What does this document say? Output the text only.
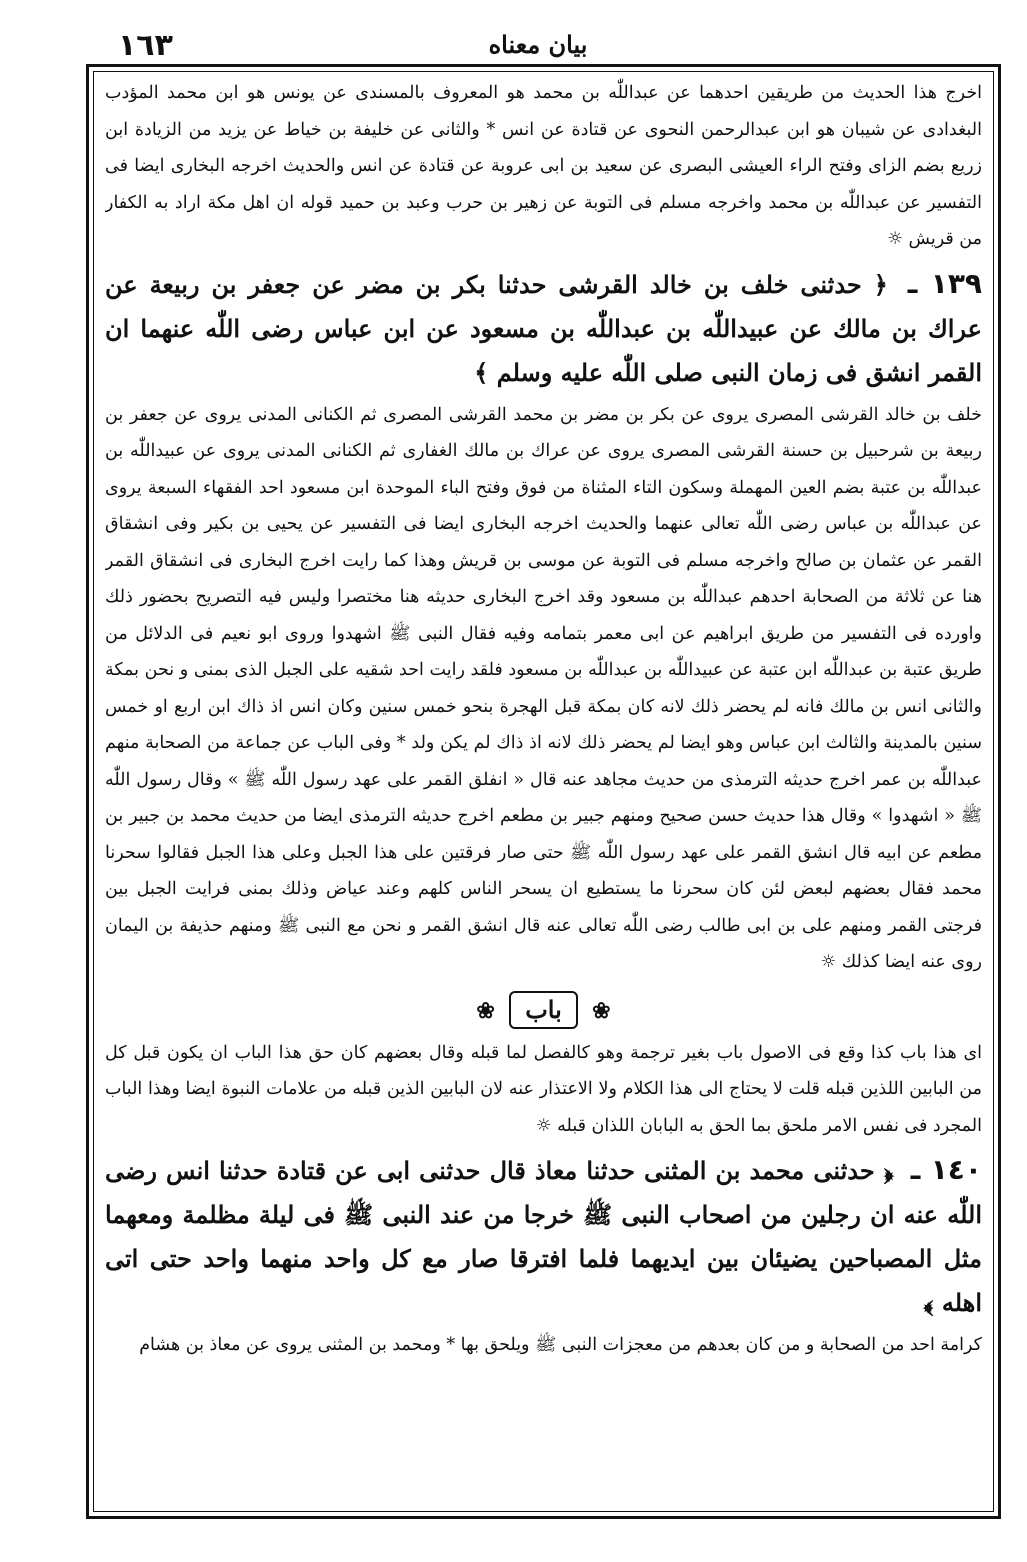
١٦٣	بیان معناه

اخرج هذا الحديث من طريقين احدهما عن عبداللّٰه بن محمد هو المعروف بالمسندى عن يونس هو ابن محمد المؤدب البغدادى عن شيبان هو ابن عبدالرحمن النحوى عن قتادة عن انس * والثانى عن خليفة بن خياط عن يزيد من الزيادة ابن زريع بضم الزاى وفتح الراء العيشى البصرى عن سعيد بن ابى عروبة عن قتادة عن انس والحديث اخرجه البخارى ايضا فى التفسير عن عبداللّٰه بن محمد واخرجه مسلم فى التوبة عن زهير بن حرب وعبد بن حميد قوله ان اهل مكة اراد به الكفار من قريش ☼

١٣٩ ـ ﴿ حدثنى خلف بن خالد القرشى حدثنا بكر بن مضر عن جعفر بن ربيعة عن عراك بن مالك عن عبيداللّٰه بن عبداللّٰه بن مسعود عن ابن عباس رضى اللّٰه عنهما ان القمر انشق فى زمان النبى صلى اللّٰه عليه وسلم ﴾

خلف بن خالد القرشى المصرى يروى عن بكر بن مضر بن محمد القرشى المصرى ثم الكنانى المدنى يروى عن جعفر بن ربيعة بن شرحبيل بن حسنة القرشى المصرى يروى عن عراك بن مالك الغفارى ثم الكنانى المدنى يروى عن عبيداللّٰه بن عبداللّٰه بن عتبة بضم العين المهملة وسكون التاء المثناة من فوق وفتح الباء الموحدة ابن مسعود احد الفقهاء السبعة يروى عن عبداللّٰه بن عباس رضى اللّٰه تعالى عنهما والحديث اخرجه البخارى ايضا فى التفسير عن يحيى بن بكير وفى انشقاق القمر عن عثمان بن صالح واخرجه مسلم فى التوبة عن موسى بن قريش وهذا كما رايت اخرج البخارى فى انشقاق القمر هنا عن ثلاثة من الصحابة احدهم عبداللّٰه بن مسعود وقد اخرج البخارى حديثه هنا مختصرا وليس فيه التصريح بحضور ذلك واورده فى التفسير من طريق ابراهيم عن ابى معمر بتمامه وفيه فقال النبى ﷺ اشهدوا وروى ابو نعيم فى الدلائل من طريق عتبة بن عبداللّٰه ابن عتبة عن عبيداللّٰه بن عبداللّٰه بن مسعود فلقد رايت احد شقيه على الجبل الذى بمنى و نحن بمكة والثانى انس بن مالك فانه لم يحضر ذلك لانه كان بمكة قبل الهجرة بنحو خمس سنين وكان انس اذ ذاك ابن اربع او خمس سنين بالمدينة والثالث ابن عباس وهو ايضا لم يحضر ذلك لانه اذ ذاك لم يكن ولد * وفى الباب عن جماعة من الصحابة منهم عبداللّٰه بن عمر اخرج حديثه الترمذى من حديث مجاهد عنه قال « انفلق القمر على عهد رسول اللّٰه ﷺ » وقال رسول اللّٰه ﷺ « اشهدوا » وقال هذا حديث حسن صحيح ومنهم جبير بن مطعم اخرج حديثه الترمذى ايضا من حديث محمد بن جبير بن مطعم عن ابيه قال انشق القمر على عهد رسول اللّٰه ﷺ حتى صار فرقتين على هذا الجبل وعلى هذا الجبل فقالوا سحرنا محمد فقال بعضهم لبعض لئن كان سحرنا ما يستطيع ان يسحر الناس كلهم وعند عياض وذلك بمنى فرايت الجبل بين فرجتى القمر ومنهم على بن ابى طالب رضى اللّٰه تعالى عنه قال انشق القمر و نحن مع النبى ﷺ ومنهم حذيفة بن اليمان روى عنه ايضا كذلك ☼

❀ باب ❀

اى هذا باب كذا وقع فى الاصول باب بغير ترجمة وهو كالفصل لما قبله وقال بعضهم كان حق هذا الباب ان يكون قبل كل من البابين اللذين قبله قلت لا يحتاج الى هذا الكلام ولا الاعتذار عنه لان البابين الذين قبله من علامات النبوة ايضا وهذا الباب المجرد فى نفس الامر ملحق بما الحق به البابان اللذان قبله ☼

١٤٠ ـ ﴿ حدثنى محمد بن المثنى حدثنا معاذ قال حدثنى ابى عن قتادة حدثنا انس رضى اللّٰه عنه ان رجلين من اصحاب النبى ﷺ خرجا من عند النبى ﷺ فى ليلة مظلمة ومعهما مثل المصباحين يضيئان بين ايديهما فلما افترقا صار مع كل واحد منهما واحد حتى اتى اهله ﴾

كرامة احد من الصحابة و من كان بعدهم من معجزات النبى ﷺ ويلحق بها * ومحمد بن المثنى يروى عن معاذ بن هشام
